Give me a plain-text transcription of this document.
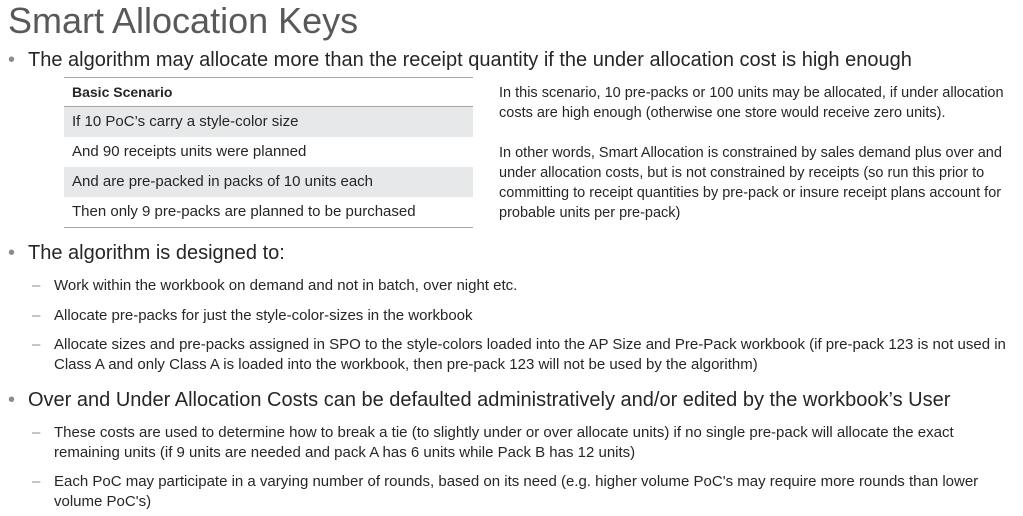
Smart Allocation Keys
• The algorithm may allocate more than the receipt quantity if the under allocation cost is high enough
Basic Scenario
If 10 PoC’s carry a style-color size
And 90 receipts units were planned
And are pre-packed in packs of 10 units each
Then only 9 pre-packs are planned to be purchased

In this scenario, 10 pre-packs or 100 units may be allocated, if under allocation costs are high enough (otherwise one store would receive zero units).

In other words, Smart Allocation is constrained by sales demand plus over and under allocation costs, but is not constrained by receipts (so run this prior to committing to receipt quantities by pre-pack or insure receipt plans account for probable units per pre-pack)

• The algorithm is designed to:
– Work within the workbook on demand and not in batch, over night etc.
– Allocate pre-packs for just the style-color-sizes in the workbook
– Allocate sizes and pre-packs assigned in SPO to the style-colors loaded into the AP Size and Pre-Pack workbook (if pre-pack 123 is not used in Class A and only Class A is loaded into the workbook, then pre-pack 123 will not be used by the algorithm)
• Over and Under Allocation Costs can be defaulted administratively and/or edited by the workbook’s User
– These costs are used to determine how to break a tie (to slightly under or over allocate units) if no single pre-pack will allocate the exact remaining units (if 9 units are needed and pack A has 6 units while Pack B has 12 units)
– Each PoC may participate in a varying number of rounds, based on its need (e.g. higher volume PoC's may require more rounds than lower volume PoC's)
